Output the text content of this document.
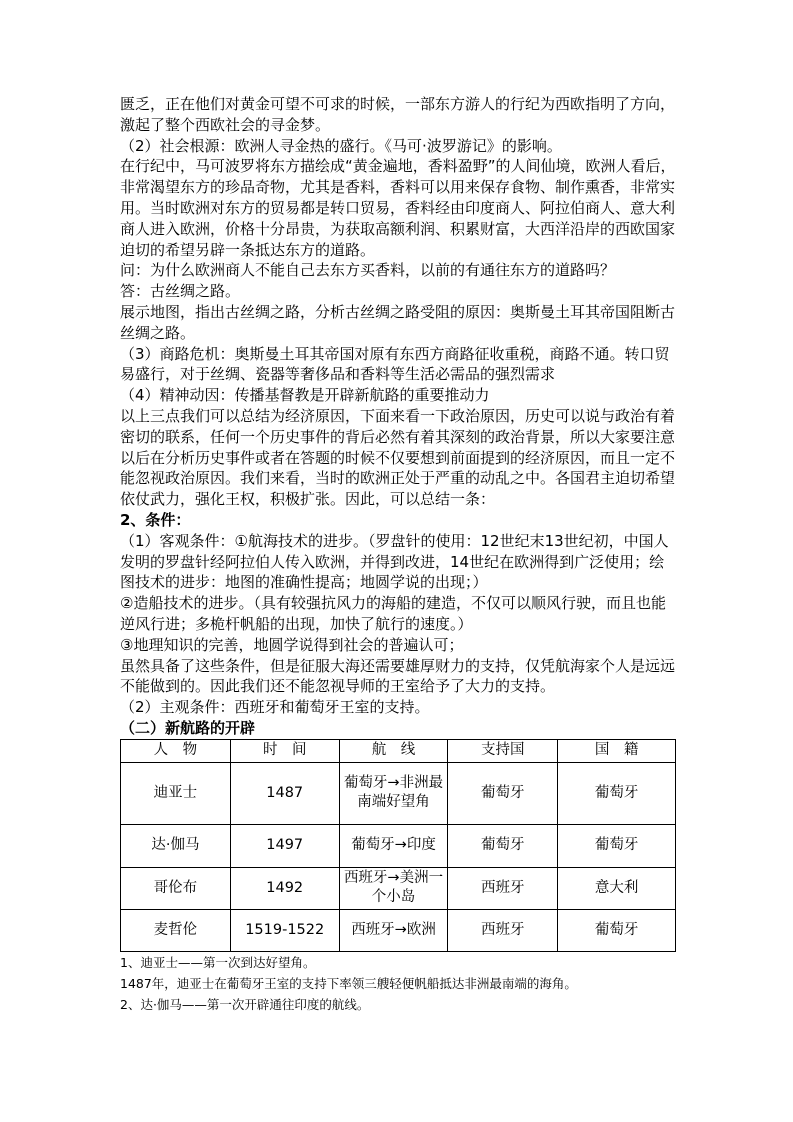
匮乏，正在他们对黄金可望不可求的时候，一部东方游人的行纪为西欧指明了方向，激起了整个西欧社会的寻金梦。

（2）社会根源：欧洲人寻金热的盛行。《马可·波罗游记》的影响。

在行纪中，马可波罗将东方描绘成“黄金遍地，香料盈野”的人间仙境，欧洲人看后，非常渴望东方的珍品奇物，尤其是香料，香料可以用来保存食物、制作熏香，非常实用。当时欧洲对东方的贸易都是转口贸易，香料经由印度商人、阿拉伯商人、意大利商人进入欧洲，价格十分昂贵，为获取高额利润、积累财富，大西洋沿岸的西欧国家迫切的希望另辟一条抵达东方的道路。

问：为什么欧洲商人不能自己去东方买香料，以前的有通往东方的道路吗？

答：古丝绸之路。

展示地图，指出古丝绸之路，分析古丝绸之路受阻的原因：奥斯曼土耳其帝国阻断古丝绸之路。

（3）商路危机：奥斯曼土耳其帝国对原有东西方商路征收重税，商路不通。转口贸易盛行，对于丝绸、瓷器等奢侈品和香料等生活必需品的强烈需求

（4）精神动因：传播基督教是开辟新航路的重要推动力

以上三点我们可以总结为经济原因，下面来看一下政治原因，历史可以说与政治有着密切的联系，任何一个历史事件的背后必然有着其深刻的政治背景，所以大家要注意以后在分析历史事件或者在答题的时候不仅要想到前面提到的经济原因，而且一定不能忽视政治原因。我们来看，当时的欧洲正处于严重的动乱之中。各国君主迫切希望依仗武力，强化王权，积极扩张。因此，可以总结一条：

2、条件：

（1）客观条件：①航海技术的进步。（罗盘针的使用：12世纪末13世纪初，中国人发明的罗盘针经阿拉伯人传入欧洲，并得到改进，14世纪在欧洲得到广泛使用；绘图技术的进步：地图的准确性提高；地圆学说的出现；）

②造船技术的进步。（具有较强抗风力的海船的建造，不仅可以顺风行驶，而且也能逆风行进；多桅杆帆船的出现，加快了航行的速度。）

③地理知识的完善，地圆学说得到社会的普遍认可；

虽然具备了这些条件，但是征服大海还需要雄厚财力的支持，仅凭航海家个人是远远不能做到的。因此我们还不能忽视导师的王室给予了大力的支持。

（2）主观条件：西班牙和葡萄牙王室的支持。

（二）新航路的开辟

人　物	时　间	航　线	支持国	国　籍
迪亚士	1487	葡萄牙→非洲最南端好望角	葡萄牙	葡萄牙
达·伽马	1497	葡萄牙→印度	葡萄牙	葡萄牙
哥伦布	1492	西班牙→美洲一个小岛	西班牙	意大利
麦哲伦	1519-1522	西班牙→欧洲	西班牙	葡萄牙

1、迪亚士——第一次到达好望角。

1487年，迪亚士在葡萄牙王室的支持下率领三艘轻便帆船抵达非洲最南端的海角。

2、达·伽马——第一次开辟通往印度的航线。
